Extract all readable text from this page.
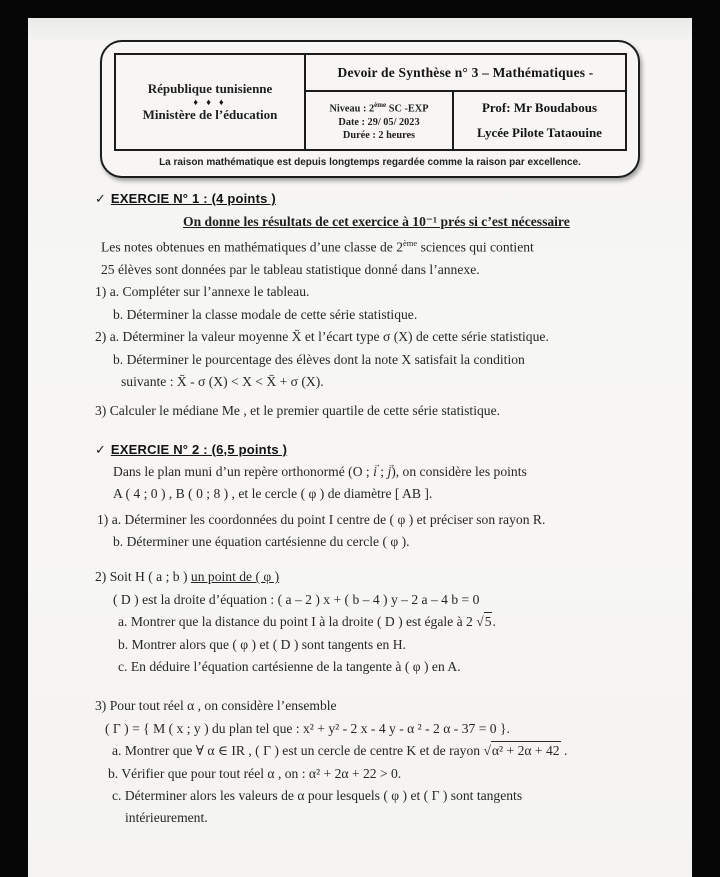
République tunisienne
♦ ♦ ♦
Ministère de l’éducation
Devoir de Synthèse n° 3 – Mathématiques -
Niveau : 2ème SC -EXP
Date : 29/ 05/ 2023
Durée : 2 heures
Prof: Mr Boudabous
Lycée Pilote Tataouine
La raison mathématique est depuis longtemps regardée comme la raison par excellence.

✓ EXERCIE N° 1 : (4 points )

On donne les résultats de cet exercice à 10⁻¹ prés si c’est nécessaire

Les notes obtenues en mathématiques d’une classe de 2ème sciences qui contient

25 élèves sont données par le tableau statistique donné dans l’annexe.

1) a. Compléter sur l’annexe le tableau.

b. Déterminer la classe modale de cette série statistique.

2) a. Déterminer la valeur moyenne X̄ et l’écart type σ (X) de cette série statistique.

b. Déterminer le pourcentage des élèves dont la note X satisfait la condition

suivante : X̄ - σ (X) < X < X̄ + σ (X).

3) Calculer le médiane Me , et le premier quartile de cette série statistique.

✓ EXERCIE N° 2 : (6,5 points )

Dans le plan muni d’un repère orthonormé (O ; i → ; j →), on considère les points

A ( 4 ; 0 ) , B ( 0 ; 8 ) , et le cercle ( φ ) de diamètre [ AB ].

1) a. Déterminer les coordonnées du point I centre de ( φ ) et préciser son rayon R.

b. Déterminer une équation cartésienne du cercle ( φ ).

2) Soit H ( a ; b ) un point de ( φ )

( D ) est la droite d’équation : ( a – 2 ) x + ( b – 4 ) y – 2 a – 4 b = 0

a. Montrer que la distance du point I à la droite ( D ) est égale à 2 √5.

b. Montrer alors que ( φ ) et ( D ) sont tangents en H.

c. En déduire l’équation cartésienne de la tangente à ( φ ) en A.

3) Pour tout réel α , on considère l’ensemble

( Γ ) = { M ( x ; y ) du plan tel que : x² + y² - 2 x - 4 y - α ² - 2 α - 37 = 0 }.

a. Montrer que ∀ α ∈ IR , ( Γ ) est un cercle de centre K et de rayon √α² + 2α + 42 .

b. Vérifier que pour tout réel α , on : α² + 2α + 22 > 0.

c. Déterminer alors les valeurs de α pour lesquels ( φ ) et ( Γ ) sont tangents

intérieurement.
